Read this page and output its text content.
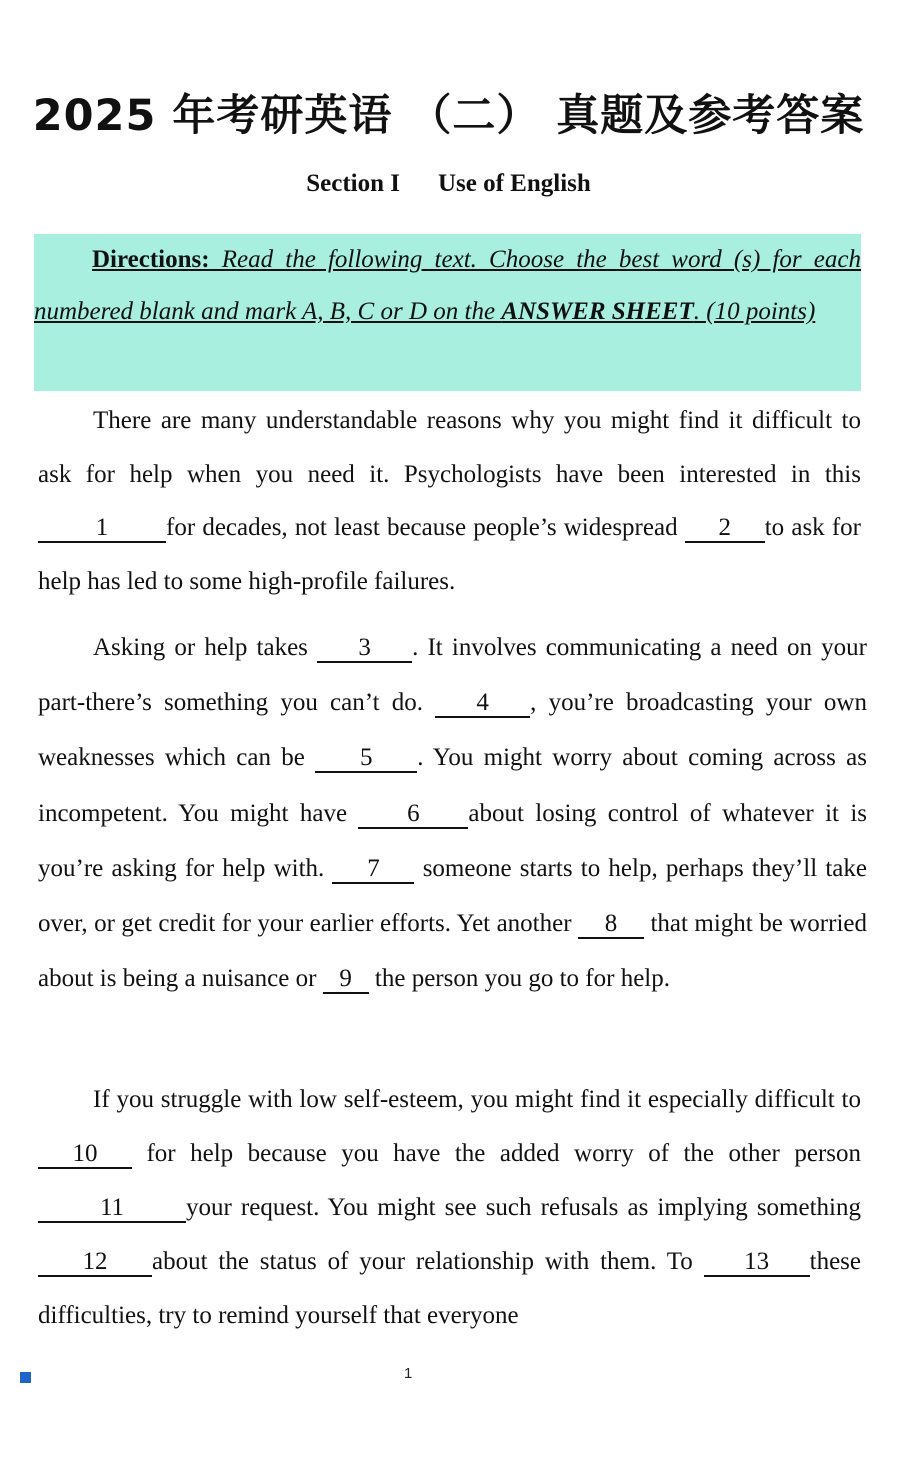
2025 年考研英语 （二） 真题及参考答案
Section I Use of English

Directions: Read the following text. Choose the best word (s) for each numbered blank and mark A, B, C or D on the ANSWER SHEET. (10 points)

There are many understandable reasons why you might find it difficult to ask for help when you need it. Psychologists have been interested in this 1 for decades, not least because people’s widespread 2 to ask for help has led to some high-profile failures.

Asking or help takes 3 . It involves communicating a need on your part-there’s something you can’t do. 4 , you’re broadcasting your own weaknesses which can be 5 . You might worry about coming across as incompetent. You might have 6 about losing control of whatever it is you’re asking for help with. 7 someone starts to help, perhaps they’ll take over, or get credit for your earlier efforts. Yet another 8 that might be worried about is being a nuisance or 9 the person you go to for help.

If you struggle with low self-esteem, you might find it especially difficult to 10 for help because you have the added worry of the other person11 your request. You might see such refusals as implying something 12 about the status of your relationship with them. To 13 these difficulties, try to remind yourself that everyone

1
